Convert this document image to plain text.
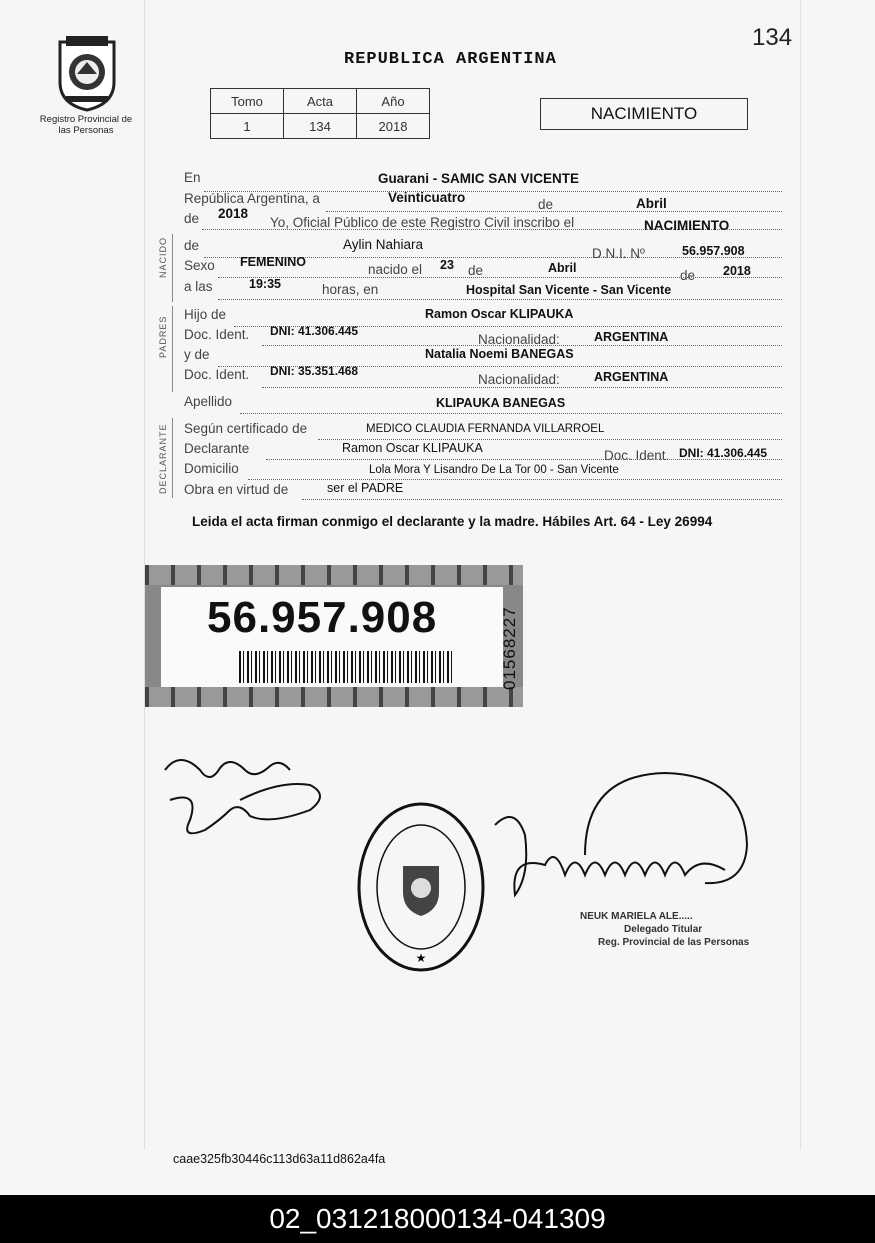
Registro Provincial de las Personas
134
REPUBLICA ARGENTINA
Tomo	Acta	Año
1	134	2018
NACIMIENTO
NACIDO
PADRES
DECLARANTE
En	Guarani - SAMIC SAN VICENTE
República Argentina, a	Veinticuatro	de	Abril
de 2018
Yo, Oficial Público de este Registro Civil inscribo el	NACIMIENTO
de	Aylin Nahiara
D.N.I. Nº	56.957.908
Sexo FEMENINO	nacido el 23 de	Abril	de 2018
a las	19:35	horas, en	Hospital San Vicente - San Vicente
Hijo de	Ramon Oscar KLIPAUKA
Doc. Ident. DNI: 41.306.445
Nacionalidad:	ARGENTINA
y de	Natalia Noemi BANEGAS
Doc. Ident. DNI: 35.351.468
Nacionalidad:	ARGENTINA
Apellido	KLIPAUKA BANEGAS
Según certificado de	MEDICO CLAUDIA FERNANDA VILLARROEL
Declarante	Ramon Oscar KLIPAUKA	Doc. Ident. DNI: 41.306.445
Domicilio	Lola Mora Y Lisandro De La Tor 00 - San Vicente
Obra en virtud de	ser el PADRE
Leida el acta firman conmigo el declarante y la madre. Hábiles Art. 64 - Ley 26994
56.957.908	01568227
★
NEUK MARIELA ALE.....
Delegado Titular
Reg. Provincial de las Personas
caae325fb30446c113d63a11d862a4fa
02_031218000134-041309
